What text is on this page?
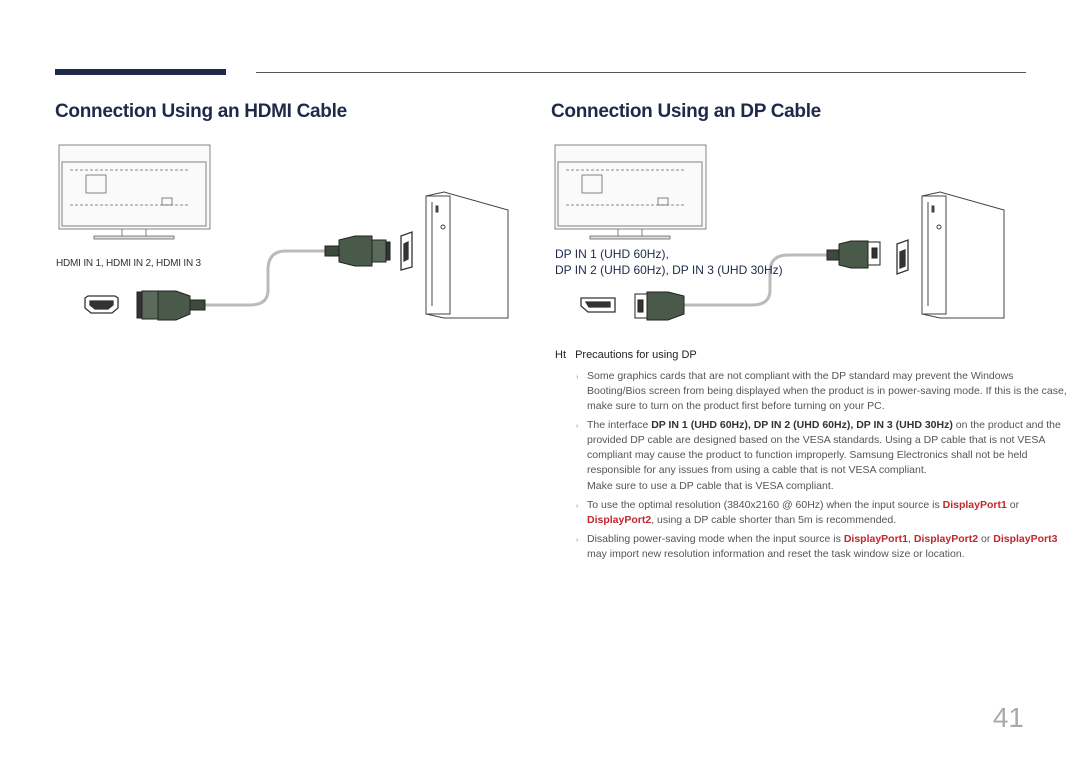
Connection Using an HDMI Cable	Connection Using an DP Cable
HDMI IN 1, HDMI IN 2, HDMI IN 3
DP IN 1 (UHD 60Hz),
DP IN 2 (UHD 60Hz), DP IN 3 (UHD 30Hz)
Ht Precautions for using DP
› Some graphics cards that are not compliant with the DP standard may prevent the Windows Booting/Bios screen from being displayed when the product is in power-saving mode. If this is the case, make sure to turn on the product first before turning on your PC.
› The interface DP IN 1 (UHD 60Hz), DP IN 2 (UHD 60Hz), DP IN 3 (UHD 30Hz) on the product and the provided DP cable are designed based on the VESA standards. Using a DP cable that is not VESA compliant may cause the product to function improperly. Samsung Electronics shall not be held responsible for any issues from using a cable that is not VESA compliant.
Make sure to use a DP cable that is VESA compliant.
› To use the optimal resolution (3840x2160 @ 60Hz) when the input source is DisplayPort1 or DisplayPort2, using a DP cable shorter than 5m is recommended.
› Disabling power-saving mode when the input source is DisplayPort1, DisplayPort2 or DisplayPort3 may import new resolution information and reset the task window size or location.
41
